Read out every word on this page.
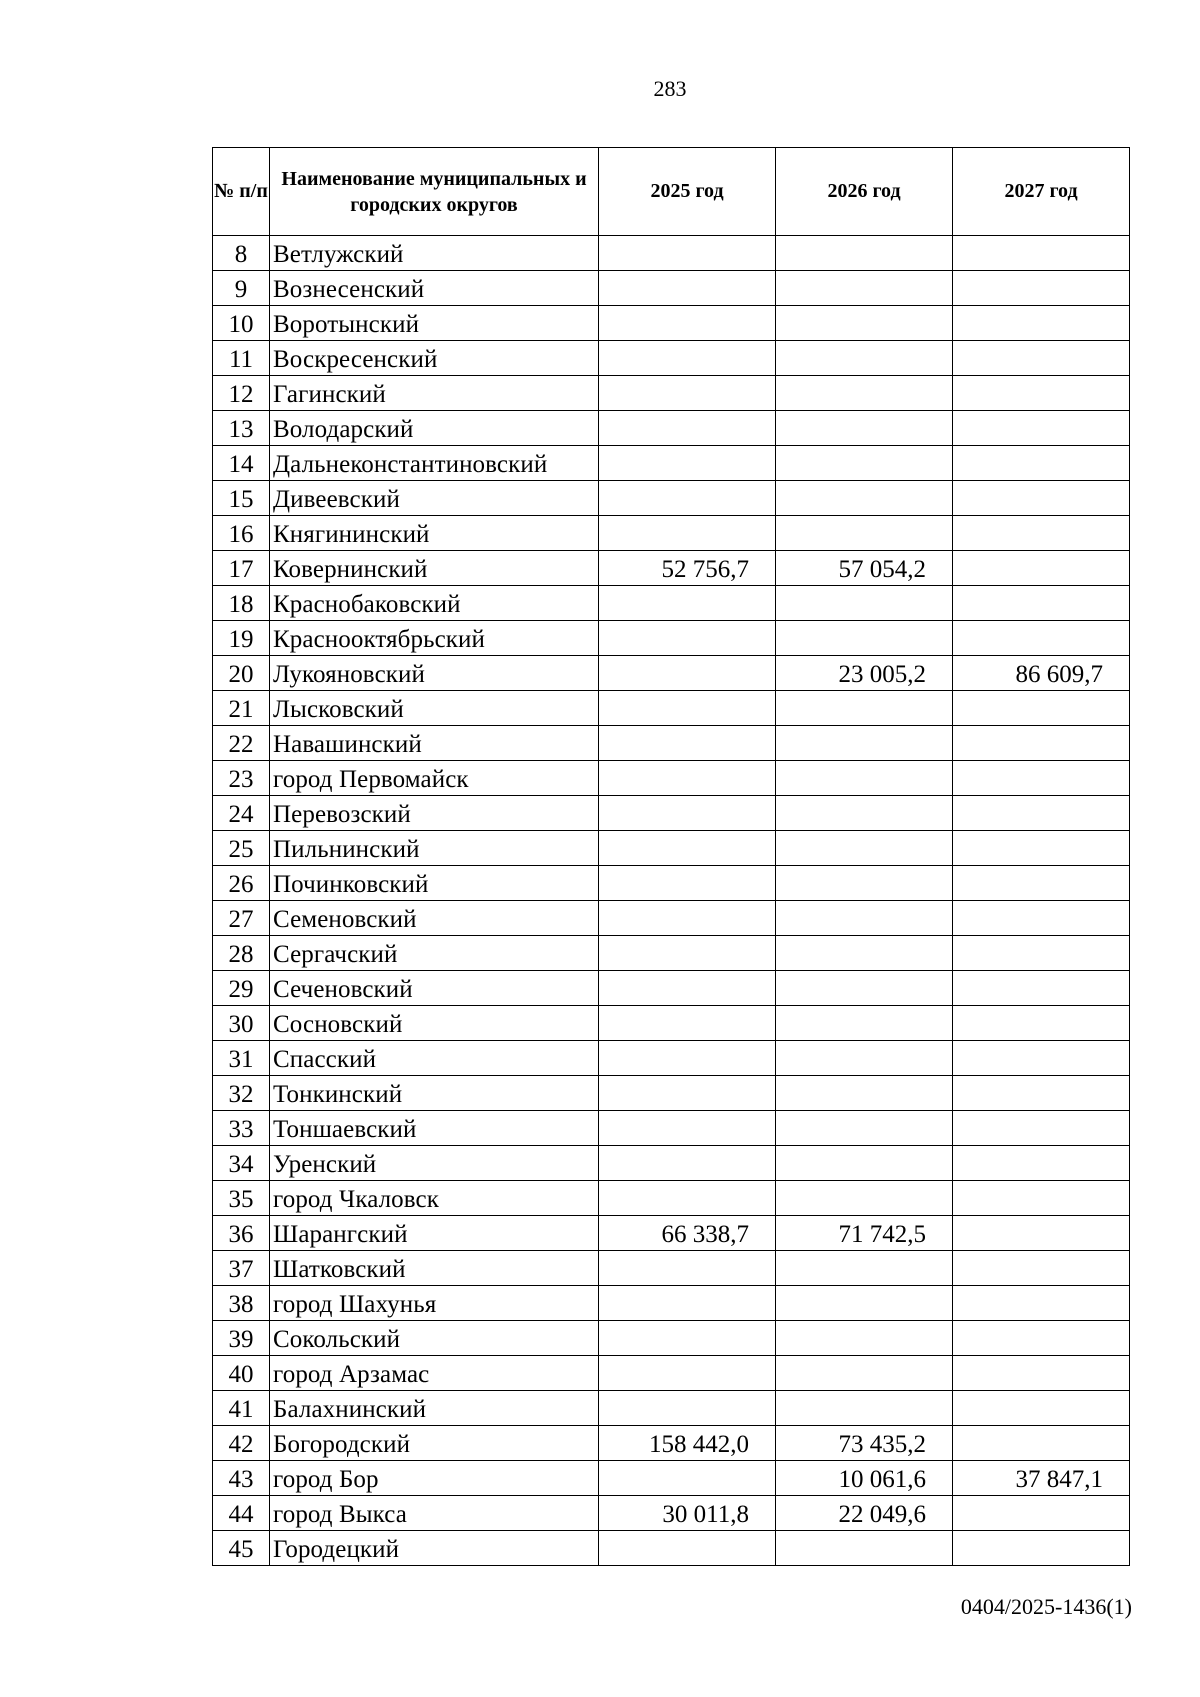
283
№ п/п	Наименование муниципальных и городских округов	2025 год	2026 год	2027 год
8	Ветлужский			
9	Вознесенский			
10	Воротынский			
11	Воскресенский			
12	Гагинский			
13	Володарский			
14	Дальнеконстантиновский			
15	Дивеевский			
16	Княгининский			
17	Ковернинский	52 756,7	57 054,2	
18	Краснобаковский			
19	Краснооктябрьский			
20	Лукояновский		23 005,2	86 609,7
21	Лысковский			
22	Навашинский			
23	город Первомайск			
24	Перевозский			
25	Пильнинский			
26	Починковский			
27	Семеновский			
28	Сергачский			
29	Сеченовский			
30	Сосновский			
31	Спасский			
32	Тонкинский			
33	Тоншаевский			
34	Уренский			
35	город Чкаловск			
36	Шарангский	66 338,7	71 742,5	
37	Шатковский			
38	город Шахунья			
39	Сокольский			
40	город Арзамас			
41	Балахнинский			
42	Богородский	158 442,0	73 435,2	
43	город Бор		10 061,6	37 847,1
44	город Выкса	30 011,8	22 049,6	
45	Городецкий			
0404/2025-1436(1)
